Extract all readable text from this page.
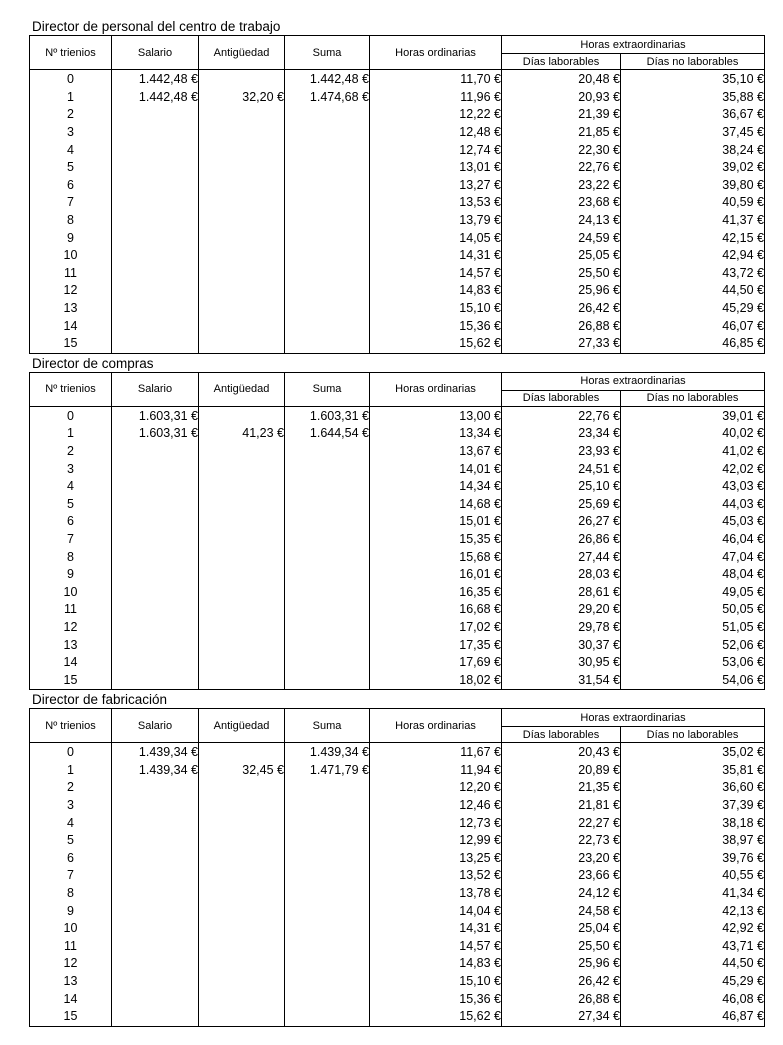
Director de personal del centro de trabajo
Nº trienios	Salario	Antigüedad	Suma	Horas ordinarias	Horas extraordinarias	
					Días laborables	Días no laborables
0	1.442,48 €		1.442,48 €	11,70 €	20,48 €	35,10 €
1	1.442,48 €	32,20 €	1.474,68 €	11,96 €	20,93 €	35,88 €
2				12,22 €	21,39 €	36,67 €
3				12,48 €	21,85 €	37,45 €
4				12,74 €	22,30 €	38,24 €
5				13,01 €	22,76 €	39,02 €
6				13,27 €	23,22 €	39,80 €
7				13,53 €	23,68 €	40,59 €
8				13,79 €	24,13 €	41,37 €
9				14,05 €	24,59 €	42,15 €
10				14,31 €	25,05 €	42,94 €
11				14,57 €	25,50 €	43,72 €
12				14,83 €	25,96 €	44,50 €
13				15,10 €	26,42 €	45,29 €
14				15,36 €	26,88 €	46,07 €
15				15,62 €	27,33 €	46,85 €
Director de compras
Nº trienios	Salario	Antigüedad	Suma	Horas ordinarias	Horas extraordinarias	
					Días laborables	Días no laborables
0	1.603,31 €		1.603,31 €	13,00 €	22,76 €	39,01 €
1	1.603,31 €	41,23 €	1.644,54 €	13,34 €	23,34 €	40,02 €
2				13,67 €	23,93 €	41,02 €
3				14,01 €	24,51 €	42,02 €
4				14,34 €	25,10 €	43,03 €
5				14,68 €	25,69 €	44,03 €
6				15,01 €	26,27 €	45,03 €
7				15,35 €	26,86 €	46,04 €
8				15,68 €	27,44 €	47,04 €
9				16,01 €	28,03 €	48,04 €
10				16,35 €	28,61 €	49,05 €
11				16,68 €	29,20 €	50,05 €
12				17,02 €	29,78 €	51,05 €
13				17,35 €	30,37 €	52,06 €
14				17,69 €	30,95 €	53,06 €
15				18,02 €	31,54 €	54,06 €
Director de fabricación
Nº trienios	Salario	Antigüedad	Suma	Horas ordinarias	Horas extraordinarias	
					Días laborables	Días no laborables
0	1.439,34 €		1.439,34 €	11,67 €	20,43 €	35,02 €
1	1.439,34 €	32,45 €	1.471,79 €	11,94 €	20,89 €	35,81 €
2				12,20 €	21,35 €	36,60 €
3				12,46 €	21,81 €	37,39 €
4				12,73 €	22,27 €	38,18 €
5				12,99 €	22,73 €	38,97 €
6				13,25 €	23,20 €	39,76 €
7				13,52 €	23,66 €	40,55 €
8				13,78 €	24,12 €	41,34 €
9				14,04 €	24,58 €	42,13 €
10				14,31 €	25,04 €	42,92 €
11				14,57 €	25,50 €	43,71 €
12				14,83 €	25,96 €	44,50 €
13				15,10 €	26,42 €	45,29 €
14				15,36 €	26,88 €	46,08 €
15				15,62 €	27,34 €	46,87 €
